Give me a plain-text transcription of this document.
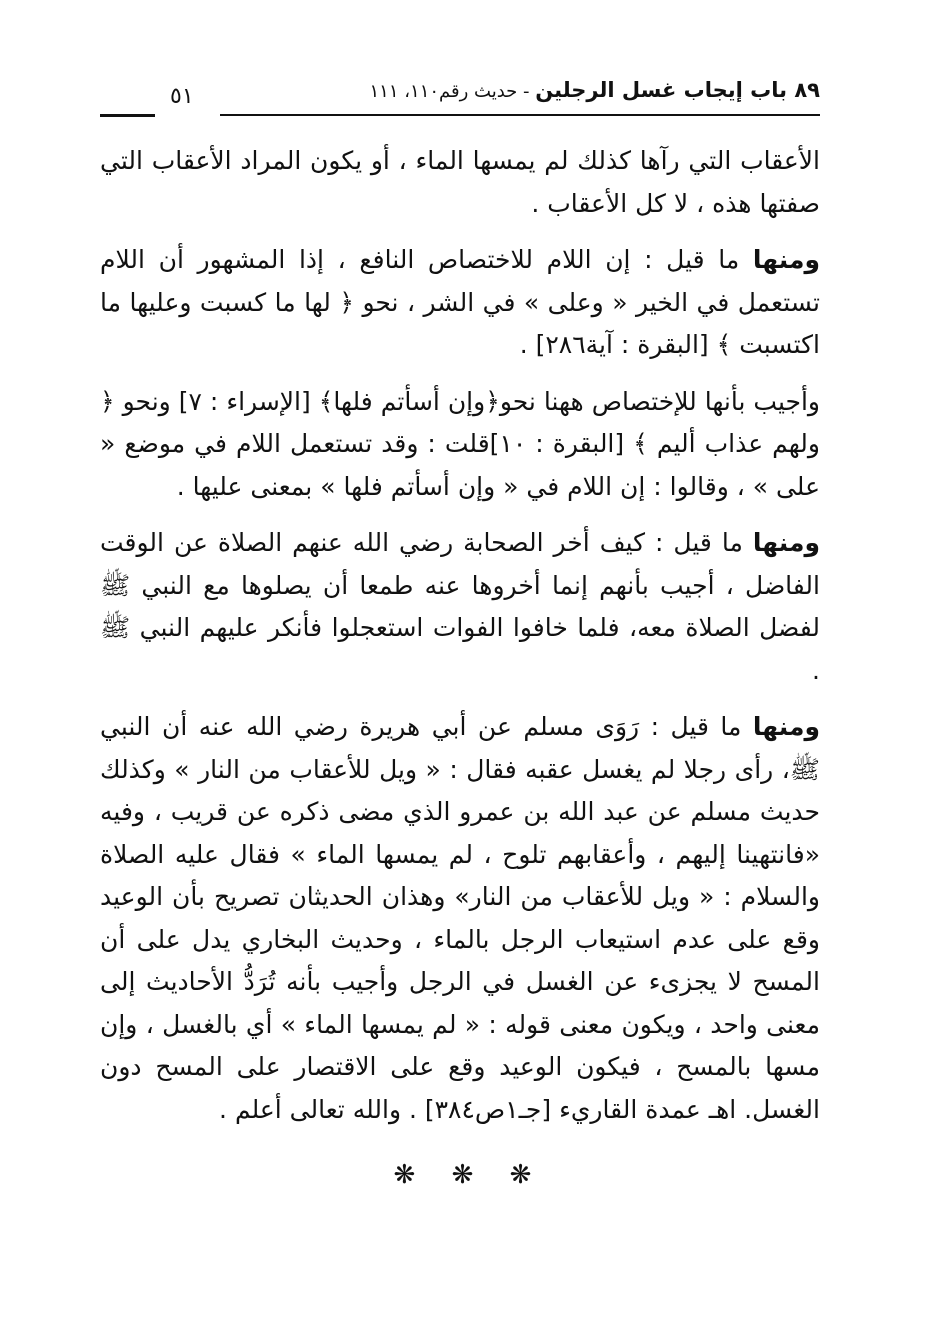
٨٩ باب إيجاب غسل الرجلين - حديث رقم١١٠، ١١١
٥١

الأعقاب التي رآها كذلك لم يمسها الماء ، أو يكون المراد الأعقاب التي صفتها هذه ، لا كل الأعقاب .

ومنها ما قيل : إن اللام للاختصاص النافع ، إذا المشهور أن اللام تستعمل في الخير « وعلى » في الشر ، نحو ﴿ لها ما كسبت وعليها ما اكتسبت ﴾ [البقرة : آية٢٨٦] .

وأجيب بأنها للإختصاص ههنا نحو﴿وإن أسأتم فلها﴾ [الإسراء : ٧] ونحو ﴿ ولهم عذاب أليم ﴾ [البقرة : ١٠]قلت : وقد تستعمل اللام في موضع « على » ، وقالوا : إن اللام في « وإن أسأتم فلها » بمعنى عليها .

ومنها ما قيل : كيف أخر الصحابة رضي الله عنهم الصلاة عن الوقت الفاضل ، أجيب بأنهم إنما أخروها عنه طمعا أن يصلوها مع النبي ﷺ لفضل الصلاة معه، فلما خافوا الفوات استعجلوا فأنكر عليهم النبي ﷺ .

ومنها ما قيل : رَوَى مسلم عن أبي هريرة رضي الله عنه أن النبي ﷺ، رأى رجلا لم يغسل عقبه فقال : « ويل للأعقاب من النار » وكذلك حديث مسلم عن عبد الله بن عمرو الذي مضى ذكره عن قريب ، وفيه «فانتهينا إليهم ، وأعقابهم تلوح ، لم يمسها الماء » فقال عليه الصلاة والسلام : « ويل للأعقاب من النار» وهذان الحديثان تصريح بأن الوعيد وقع على عدم استيعاب الرجل بالماء ، وحديث البخاري يدل على أن المسح لا يجزىء عن الغسل في الرجل وأجيب بأنه تُرَدُّ الأحاديث إلى معنى واحد ، ويكون معنى قوله : « لم يمسها الماء » أي بالغسل ، وإن مسها بالمسح ، فيكون الوعيد وقع على الاقتصار على المسح دون الغسل. اهـ عمدة القاريء [جـ١ص٣٨٤] . والله تعالى أعلم .

❋ ❋ ❋
